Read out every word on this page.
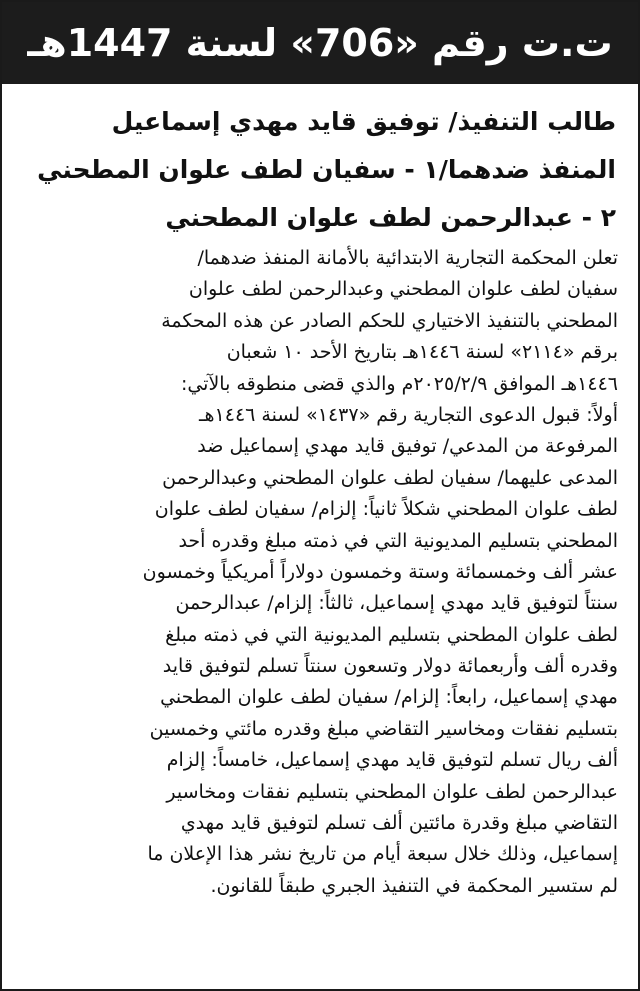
ت.ت رقم «706» لسنة 1447هـ
طالب التنفيذ/ توفيق قايد مهدي إسماعيل
المنفذ ضدهما/١ - سفيان لطف علوان المطحني
٢ - عبدالرحمن لطف علوان المطحني
تعلن المحكمة التجارية الابتدائية بالأمانة المنفذ ضدهما/
سفيان لطف علوان المطحني وعبدالرحمن لطف علوان
المطحني بالتنفيذ الاختياري للحكم الصادر عن هذه المحكمة
برقم «٢١١٤» لسنة ١٤٤٦هـ بتاريخ الأحد ١٠ شعبان
١٤٤٦هـ الموافق ٢٠٢٥/٢/٩م والذي قضى منطوقه بالآتي:
أولاً: قبول الدعوى التجارية رقم «١٤٣٧» لسنة ١٤٤٦هـ
المرفوعة من المدعي/ توفيق قايد مهدي إسماعيل ضد
المدعى عليهما/ سفيان لطف علوان المطحني وعبدالرحمن
لطف علوان المطحني شكلاً ثانياً: إلزام/ سفيان لطف علوان
المطحني بتسليم المديونية التي في ذمته مبلغ وقدره أحد
عشر ألف وخمسمائة وستة وخمسون دولاراً أمريكياً وخمسون
سنتاً لتوفيق قايد مهدي إسماعيل، ثالثاً: إلزام/ عبدالرحمن
لطف علوان المطحني بتسليم المديونية التي في ذمته مبلغ
وقدره ألف وأربعمائة دولار وتسعون سنتاً تسلم لتوفيق قايد
مهدي إسماعيل، رابعاً: إلزام/ سفيان لطف علوان المطحني
بتسليم نفقات ومخاسير التقاضي مبلغ وقدره مائتي وخمسين
ألف ريال تسلم لتوفيق قايد مهدي إسماعيل، خامساً: إلزام
عبدالرحمن لطف علوان المطحني بتسليم نفقات ومخاسير
التقاضي مبلغ وقدرة مائتين ألف تسلم لتوفيق قايد مهدي
إسماعيل، وذلك خلال سبعة أيام من تاريخ نشر هذا الإعلان ما
لم ستسير المحكمة في التنفيذ الجبري طبقاً للقانون.
